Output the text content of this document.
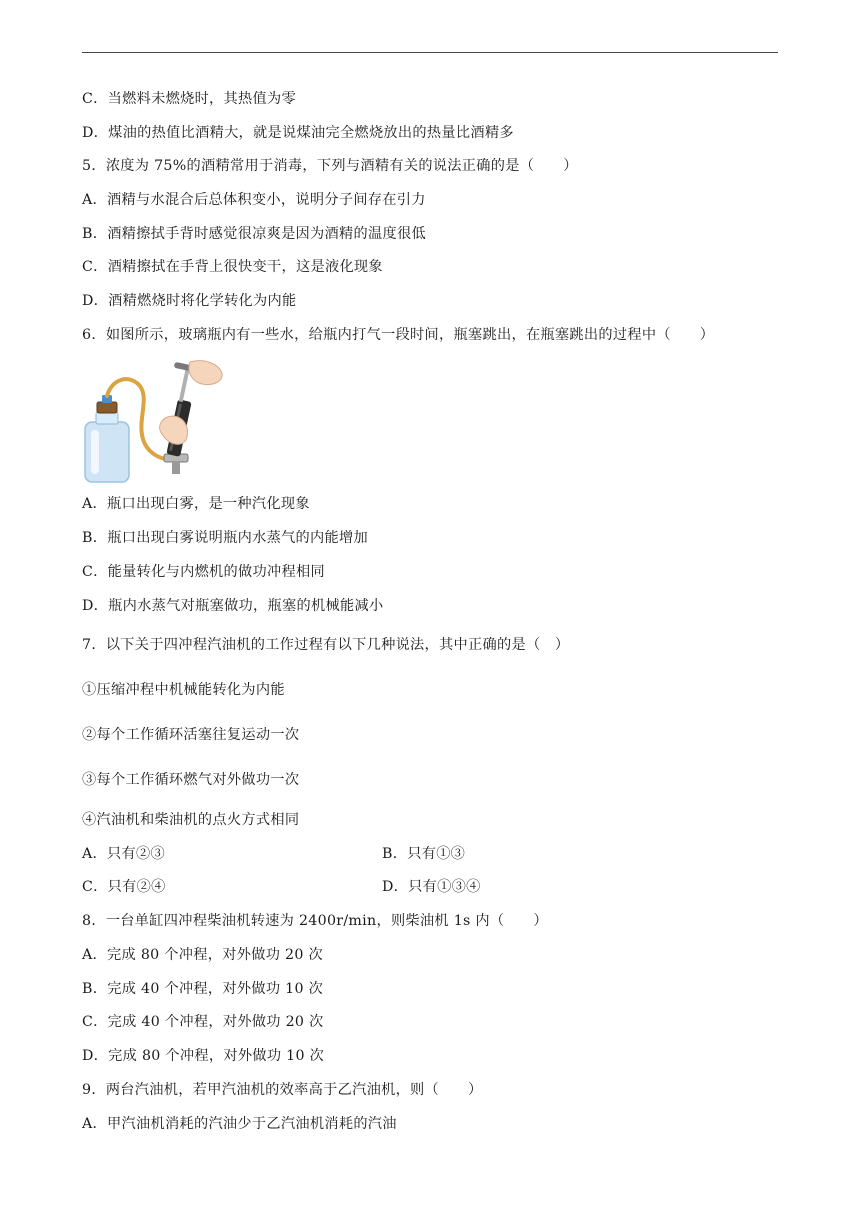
C．当燃料未燃烧时，其热值为零
D．煤油的热值比酒精大，就是说煤油完全燃烧放出的热量比酒精多
5．浓度为 75%的酒精常用于消毒，下列与酒精有关的说法正确的是（　　）
A．酒精与水混合后总体积变小，说明分子间存在引力
B．酒精擦拭手背时感觉很凉爽是因为酒精的温度很低
C．酒精擦拭在手背上很快变干，这是液化现象
D．酒精燃烧时将化学转化为内能
6．如图所示，玻璃瓶内有一些水，给瓶内打气一段时间，瓶塞跳出，在瓶塞跳出的过程中（　　）
A．瓶口出现白雾，是一种汽化现象
B．瓶口出现白雾说明瓶内水蒸气的内能增加
C．能量转化与内燃机的做功冲程相同
D．瓶内水蒸气对瓶塞做功，瓶塞的机械能减小
7．以下关于四冲程汽油机的工作过程有以下几种说法，其中正确的是（　）
①压缩冲程中机械能转化为内能
②每个工作循环活塞往复运动一次
③每个工作循环燃气对外做功一次
④汽油机和柴油机的点火方式相同
A．只有②③	B．只有①③
C．只有②④	D．只有①③④
8．一台单缸四冲程柴油机转速为 2400r/min，则柴油机 1s 内（　　）
A．完成 80 个冲程，对外做功 20 次
B．完成 40 个冲程，对外做功 10 次
C．完成 40 个冲程，对外做功 20 次
D．完成 80 个冲程，对外做功 10 次
9．两台汽油机，若甲汽油机的效率高于乙汽油机，则（　　）
A．甲汽油机消耗的汽油少于乙汽油机消耗的汽油
